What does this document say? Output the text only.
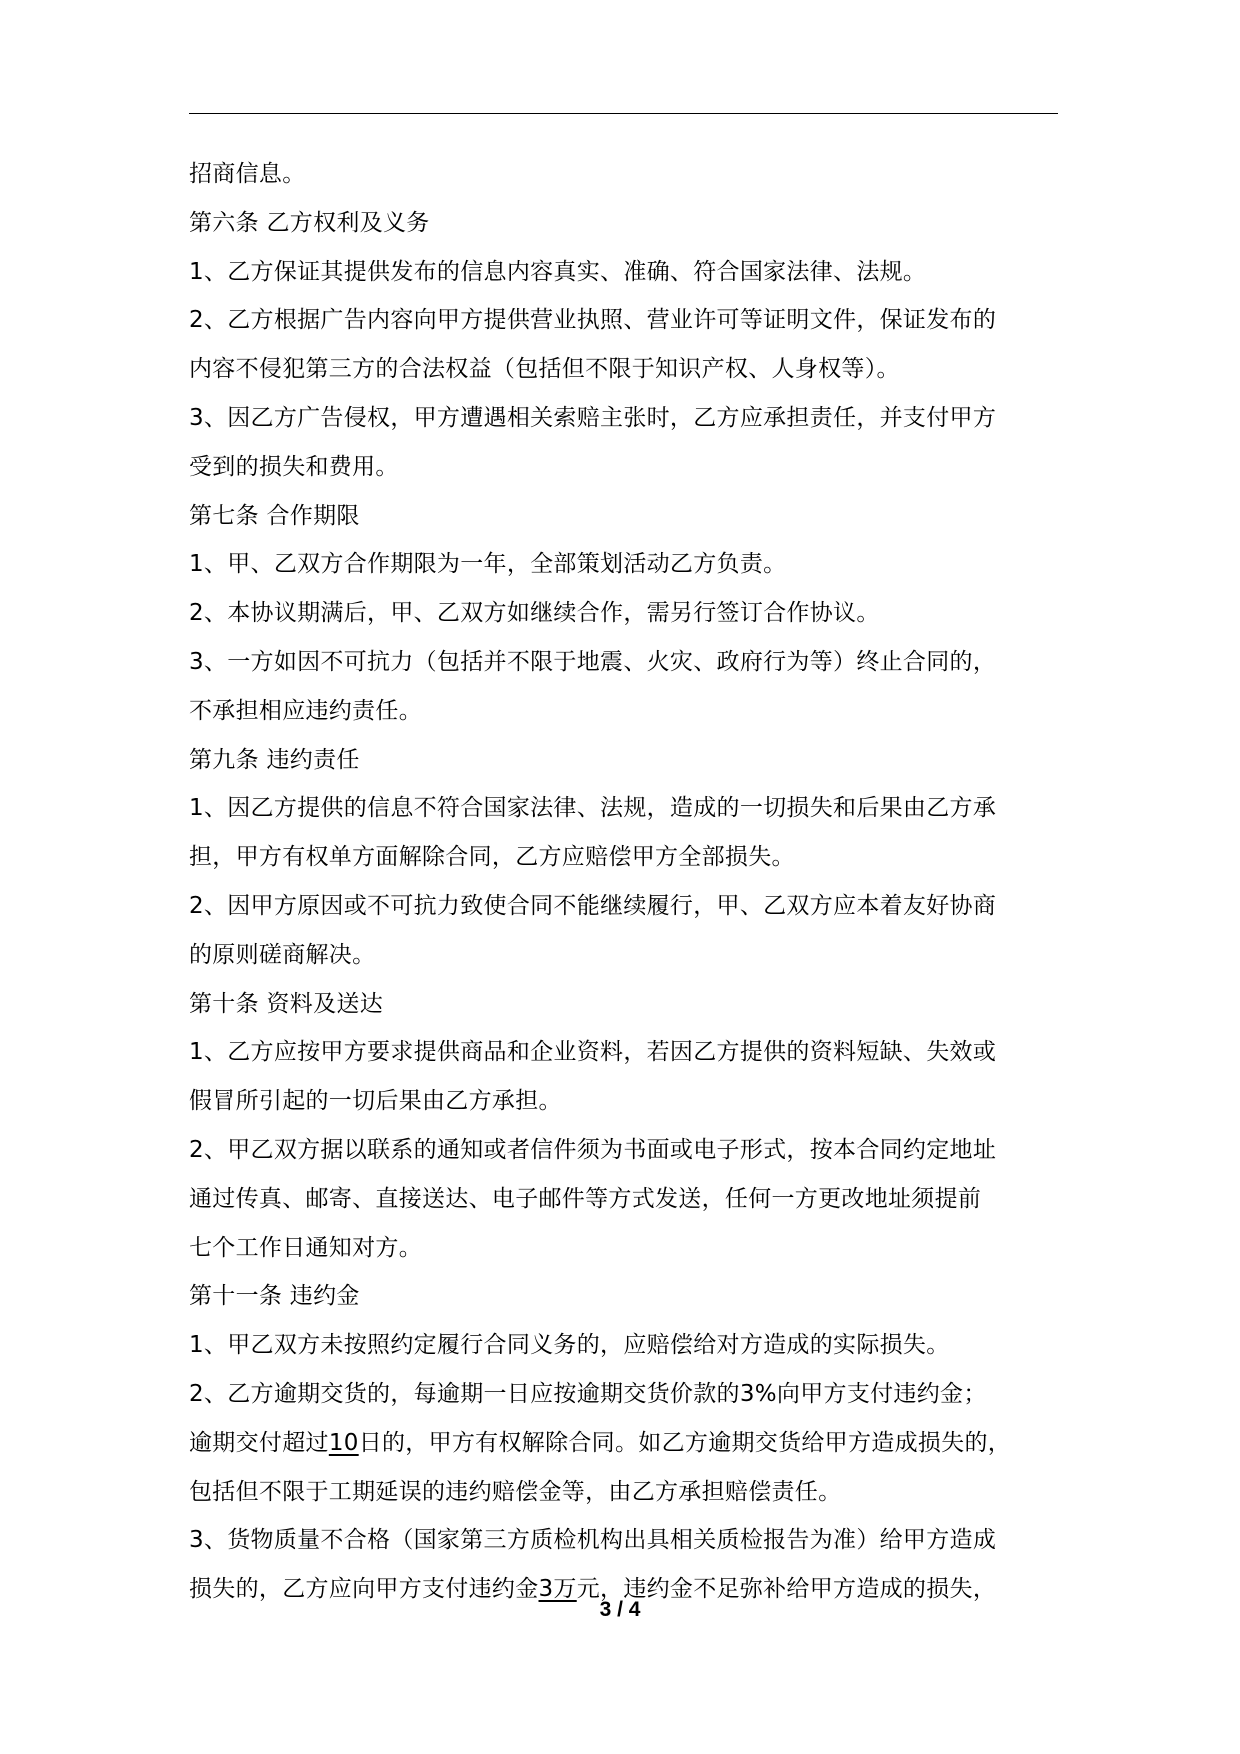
招商信息。
第六条 乙方权利及义务
1、乙方保证其提供发布的信息内容真实、准确、符合国家法律、法规。
2、乙方根据广告内容向甲方提供营业执照、营业许可等证明文件，保证发布的
内容不侵犯第三方的合法权益（包括但不限于知识产权、人身权等）。
3、因乙方广告侵权，甲方遭遇相关索赔主张时，乙方应承担责任，并支付甲方
受到的损失和费用。
第七条 合作期限
1、甲、乙双方合作期限为一年，全部策划活动乙方负责。
2、本协议期满后，甲、乙双方如继续合作，需另行签订合作协议。
3、一方如因不可抗力（包括并不限于地震、火灾、政府行为等）终止合同的，
不承担相应违约责任。
第九条 违约责任
1、因乙方提供的信息不符合国家法律、法规，造成的一切损失和后果由乙方承
担，甲方有权单方面解除合同，乙方应赔偿甲方全部损失。
2、因甲方原因或不可抗力致使合同不能继续履行，甲、乙双方应本着友好协商
的原则磋商解决。
第十条 资料及送达
1、乙方应按甲方要求提供商品和企业资料，若因乙方提供的资料短缺、失效或
假冒所引起的一切后果由乙方承担。
2、甲乙双方据以联系的通知或者信件须为书面或电子形式，按本合同约定地址
通过传真、邮寄、直接送达、电子邮件等方式发送，任何一方更改地址须提前
七个工作日通知对方。
第十一条 违约金
1、甲乙双方未按照约定履行合同义务的，应赔偿给对方造成的实际损失。
2、乙方逾期交货的，每逾期一日应按逾期交货价款的3%向甲方支付违约金；
逾期交付超过10日的，甲方有权解除合同。如乙方逾期交货给甲方造成损失的，
包括但不限于工期延误的违约赔偿金等，由乙方承担赔偿责任。
3、货物质量不合格（国家第三方质检机构出具相关质检报告为准）给甲方造成
损失的，乙方应向甲方支付违约金3万元，违约金不足弥补给甲方造成的损失，
3 / 4
